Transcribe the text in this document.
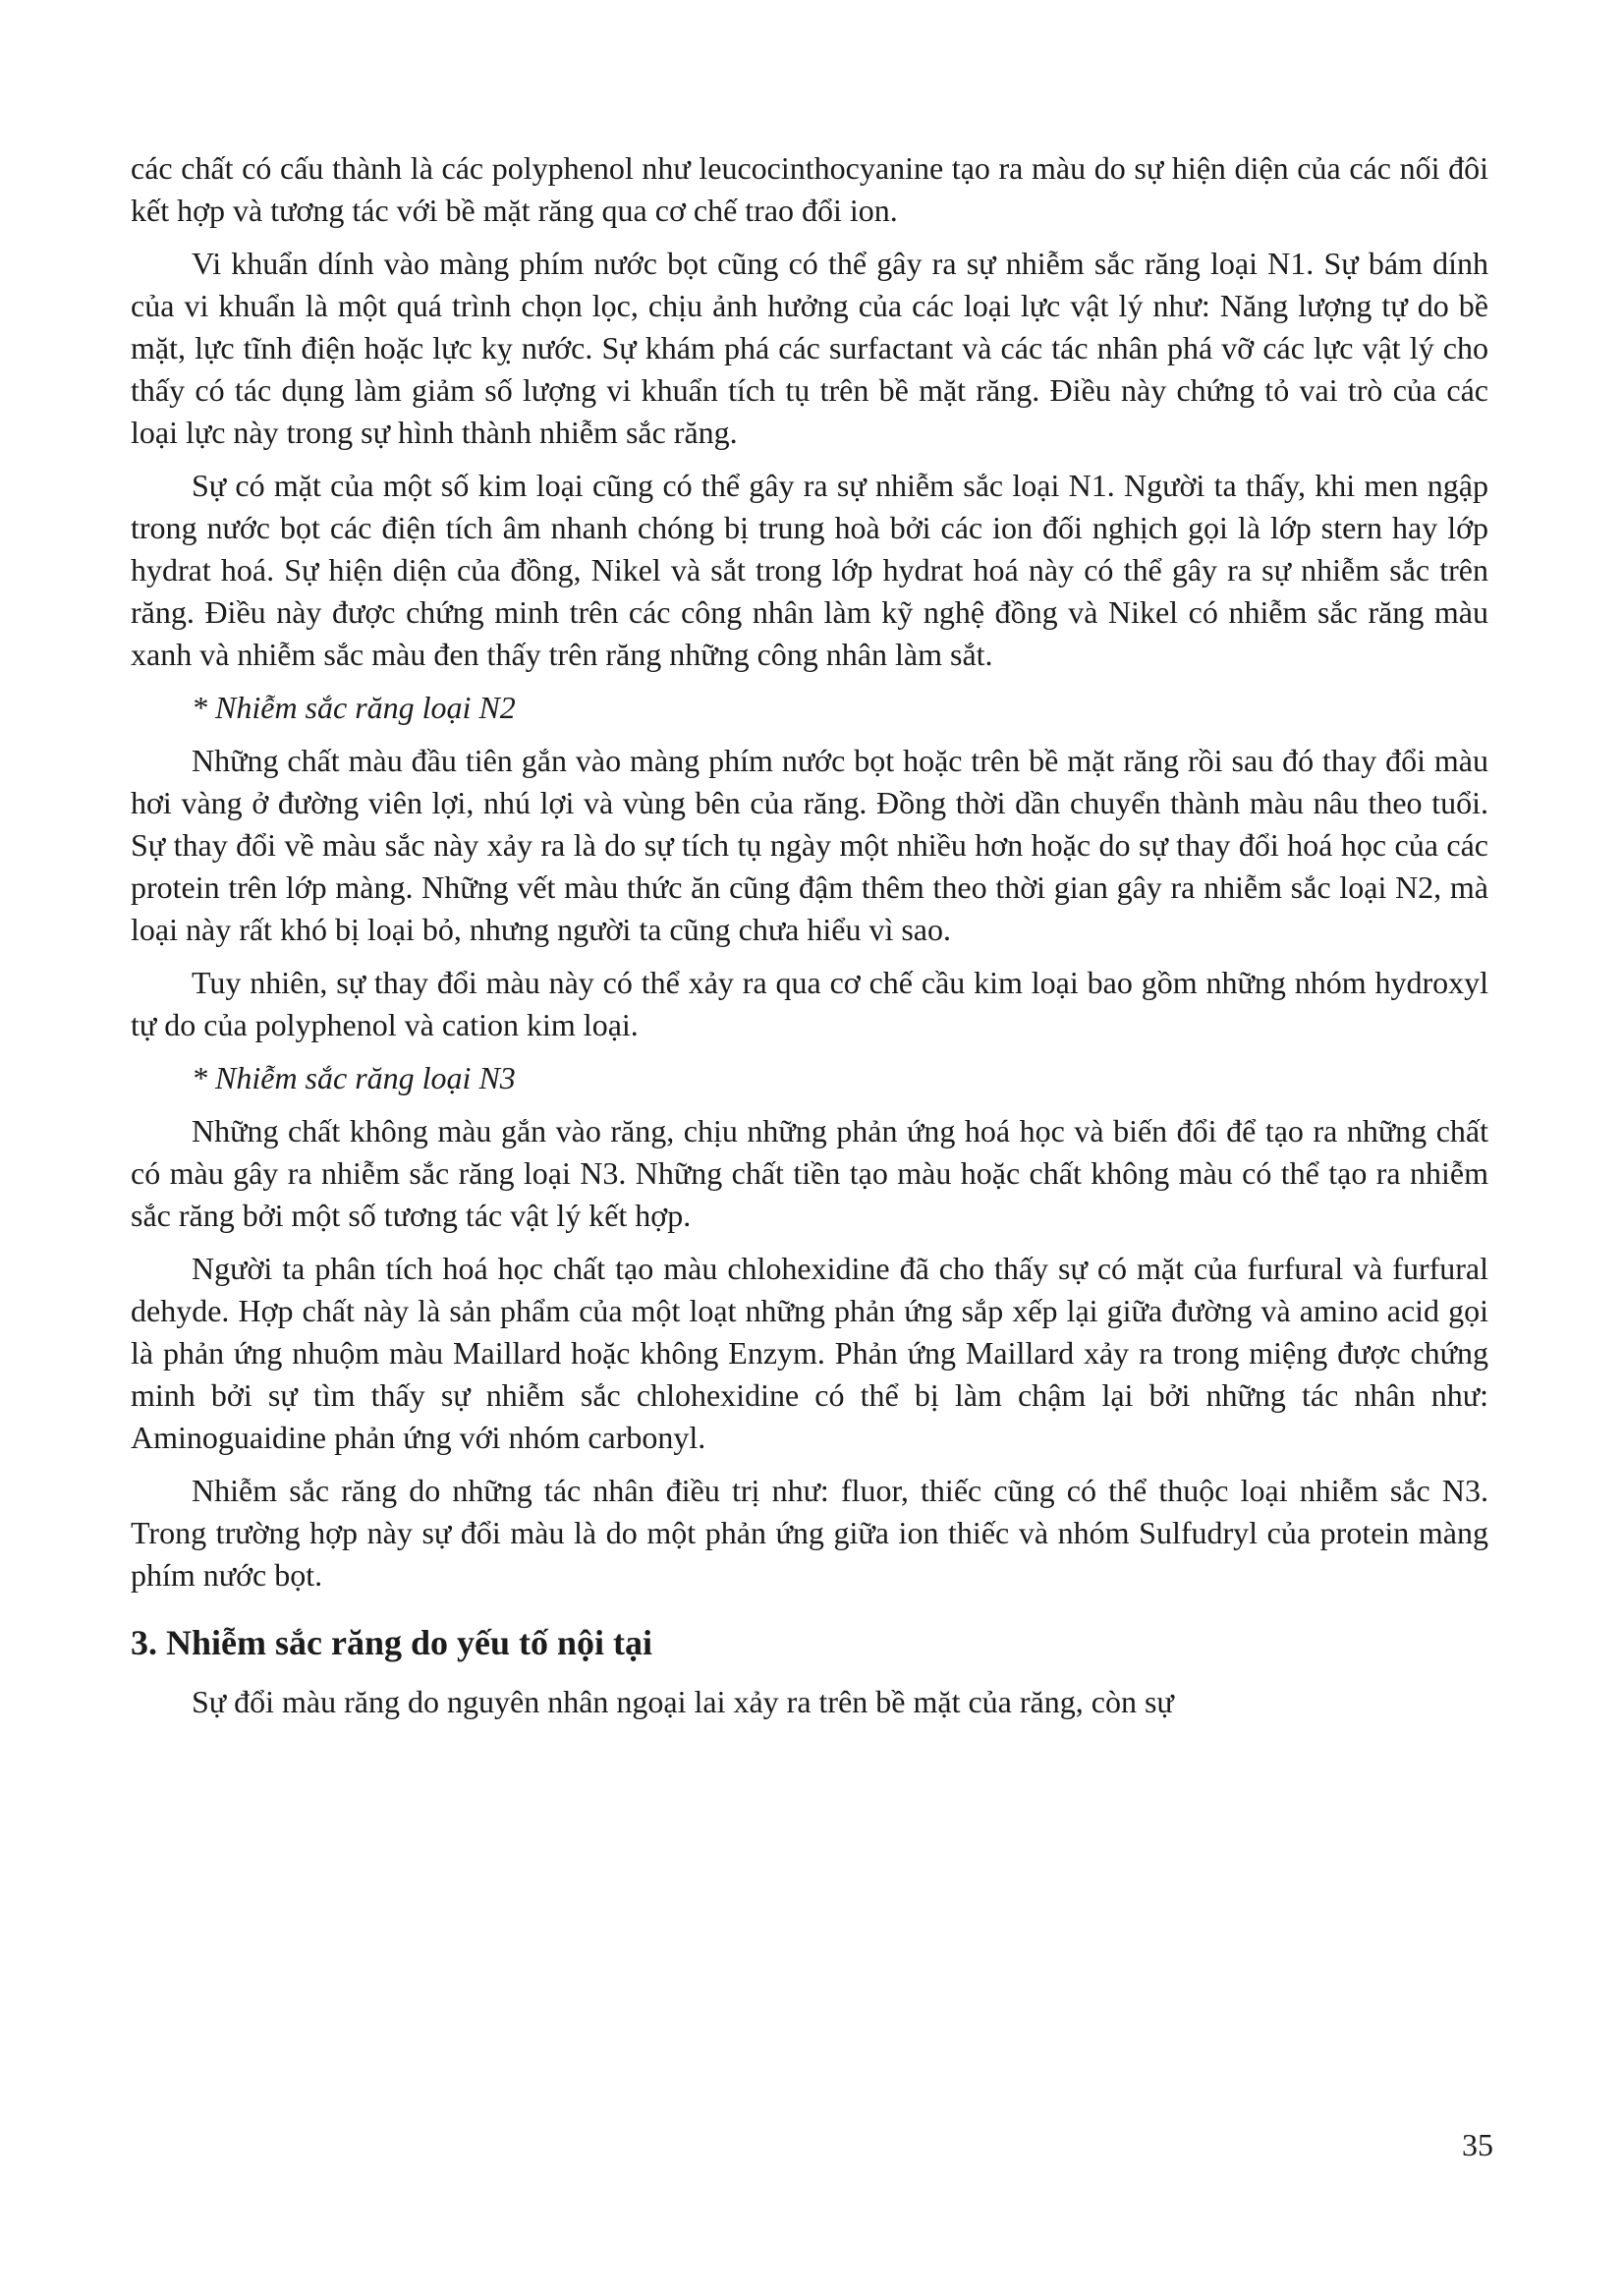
các chất có cấu thành là các polyphenol như leucocinthocyanine tạo ra màu do sự hiện diện của các nối đôi kết hợp và tương tác với bề mặt răng qua cơ chế trao đổi ion.

Vi khuẩn dính vào màng phím nước bọt cũng có thể gây ra sự nhiễm sắc răng loại N1. Sự bám dính của vi khuẩn là một quá trình chọn lọc, chịu ảnh hưởng của các loại lực vật lý như: Năng lượng tự do bề mặt, lực tĩnh điện hoặc lực kỵ nước. Sự khám phá các surfactant và các tác nhân phá vỡ các lực vật lý cho thấy có tác dụng làm giảm số lượng vi khuẩn tích tụ trên bề mặt răng. Điều này chứng tỏ vai trò của các loại lực này trong sự hình thành nhiễm sắc răng.

Sự có mặt của một số kim loại cũng có thể gây ra sự nhiễm sắc loại N1. Người ta thấy, khi men ngập trong nước bọt các điện tích âm nhanh chóng bị trung hoà bởi các ion đối nghịch gọi là lớp stern hay lớp hydrat hoá. Sự hiện diện của đồng, Nikel và sắt trong lớp hydrat hoá này có thể gây ra sự nhiễm sắc trên răng. Điều này được chứng minh trên các công nhân làm kỹ nghệ đồng và Nikel có nhiễm sắc răng màu xanh và nhiễm sắc màu đen thấy trên răng những công nhân làm sắt.

* Nhiễm sắc răng loại N2

Những chất màu đầu tiên gắn vào màng phím nước bọt hoặc trên bề mặt răng rồi sau đó thay đổi màu hơi vàng ở đường viên lợi, nhú lợi và vùng bên của răng. Đồng thời dần chuyển thành màu nâu theo tuổi. Sự thay đổi về màu sắc này xảy ra là do sự tích tụ ngày một nhiều hơn hoặc do sự thay đổi hoá học của các protein trên lớp màng. Những vết màu thức ăn cũng đậm thêm theo thời gian gây ra nhiễm sắc loại N2, mà loại này rất khó bị loại bỏ, nhưng người ta cũng chưa hiểu vì sao.

Tuy nhiên, sự thay đổi màu này có thể xảy ra qua cơ chế cầu kim loại bao gồm những nhóm hydroxyl tự do của polyphenol và cation kim loại.

* Nhiễm sắc răng loại N3

Những chất không màu gắn vào răng, chịu những phản ứng hoá học và biến đổi để tạo ra những chất có màu gây ra nhiễm sắc răng loại N3. Những chất tiền tạo màu hoặc chất không màu có thể tạo ra nhiễm sắc răng bởi một số tương tác vật lý kết hợp.

Người ta phân tích hoá học chất tạo màu chlohexidine đã cho thấy sự có mặt của furfural và furfural dehyde. Hợp chất này là sản phẩm của một loạt những phản ứng sắp xếp lại giữa đường và amino acid gọi là phản ứng nhuộm màu Maillard hoặc không Enzym. Phản ứng Maillard xảy ra trong miệng được chứng minh bởi sự tìm thấy sự nhiễm sắc chlohexidine có thể bị làm chậm lại bởi những tác nhân như: Aminoguaidine phản ứng với nhóm carbonyl.

Nhiễm sắc răng do những tác nhân điều trị như: fluor, thiếc cũng có thể thuộc loại nhiễm sắc N3. Trong trường hợp này sự đổi màu là do một phản ứng giữa ion thiếc và nhóm Sulfudryl của protein màng phím nước bọt.

3. Nhiễm sắc răng do yếu tố nội tại

Sự đổi màu răng do nguyên nhân ngoại lai xảy ra trên bề mặt của răng, còn sự

35
